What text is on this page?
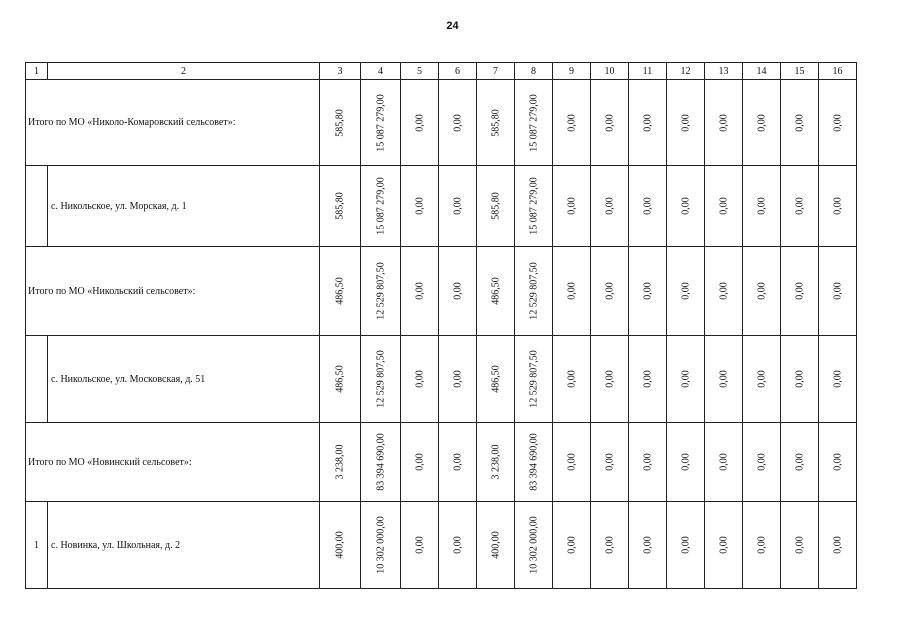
24
1	2	3	4	5	6	7	8	9	10	11	12	13	14	15	16

Итого по МО «Николо-Комаровский сельсовет»:		585,80	15 087 279,00	0,00	0,00	585,80	15 087 279,00	0,00	0,00	0,00	0,00	0,00	0,00	0,00	0,00

	с. Никольское, ул. Морская, д. 1	585,80	15 087 279,00	0,00	0,00	585,80	15 087 279,00	0,00	0,00	0,00	0,00	0,00	0,00	0,00	0,00

Итого по МО «Никольский сельсовет»:		486,50	12 529 807,50	0,00	0,00	486,50	12 529 807,50	0,00	0,00	0,00	0,00	0,00	0,00	0,00	0,00

	с. Никольское, ул. Московская, д. 51	486,50	12 529 807,50	0,00	0,00	486,50	12 529 807,50	0,00	0,00	0,00	0,00	0,00	0,00	0,00	0,00

Итого по МО «Новинский сельсовет»:		3 238,00	83 394 690,00	0,00	0,00	3 238,00	83 394 690,00	0,00	0,00	0,00	0,00	0,00	0,00	0,00	0,00

1	с. Новинка, ул. Школьная, д. 2	400,00	10 302 000,00	0,00	0,00	400,00	10 302 000,00	0,00	0,00	0,00	0,00	0,00	0,00	0,00	0,00
